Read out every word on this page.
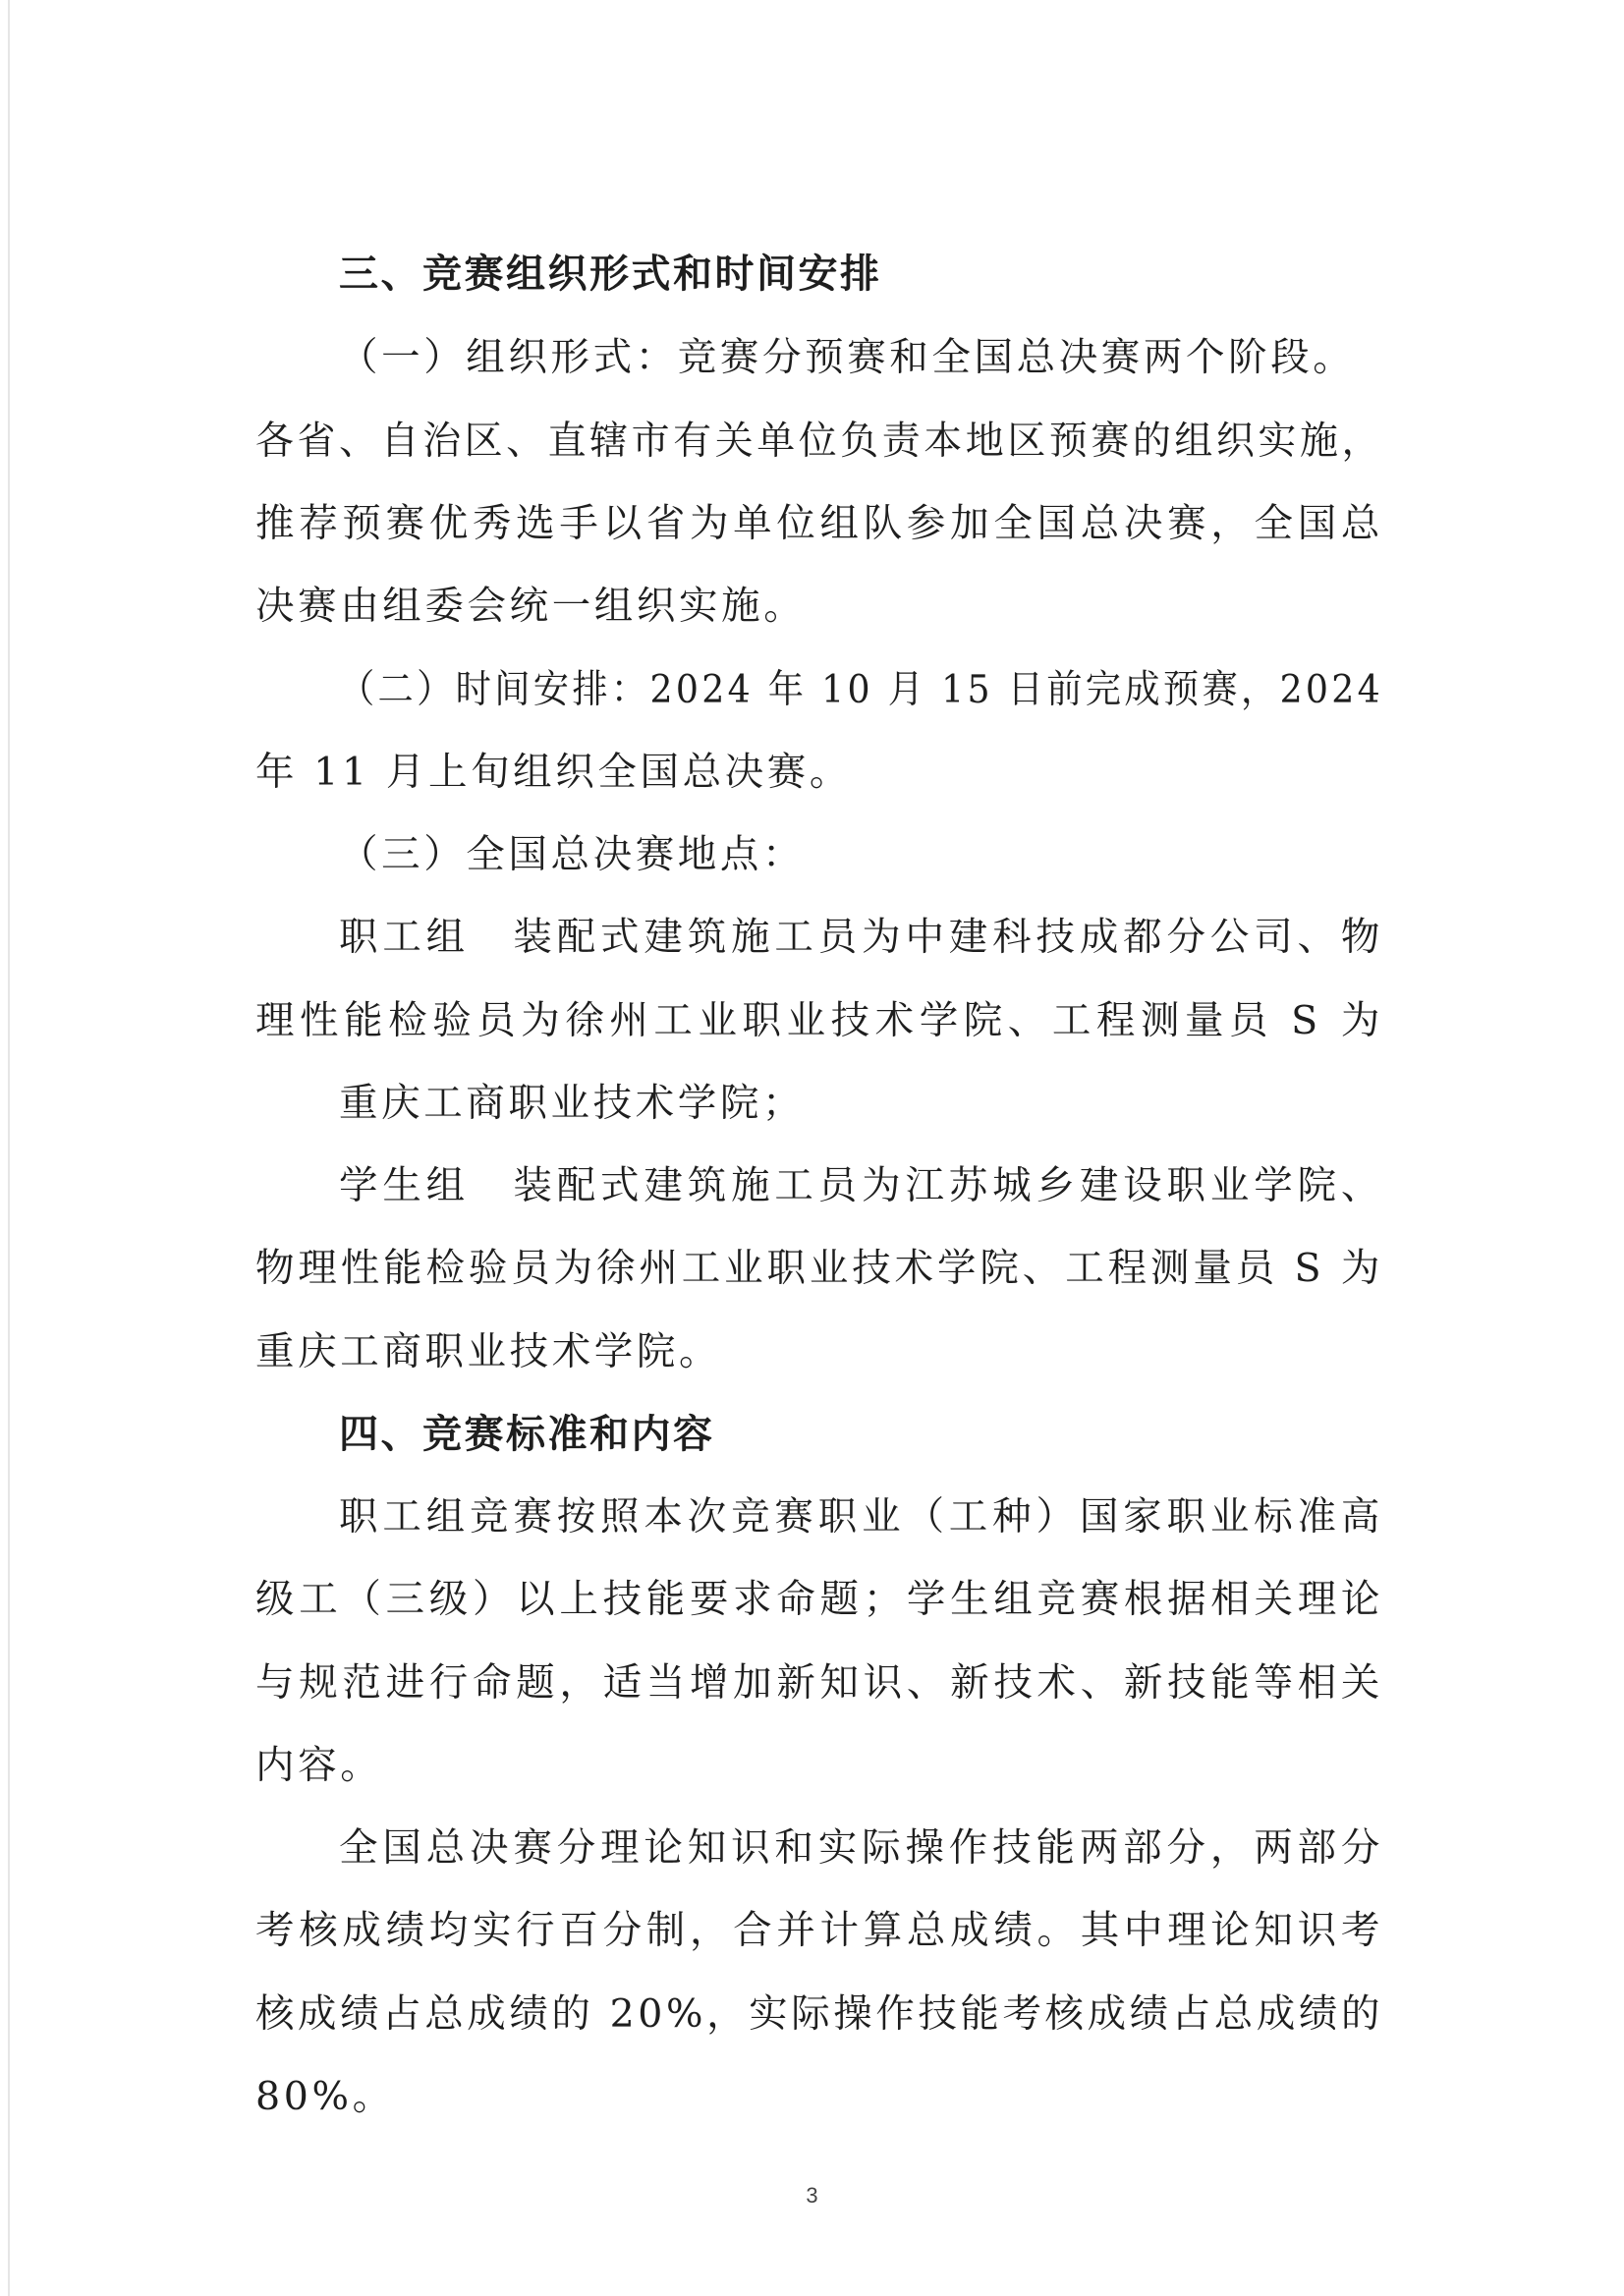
三、竞赛组织形式和时间安排
（一）组织形式：竞赛分预赛和全国总决赛两个阶段。
各省、自治区、直辖市有关单位负责本地区预赛的组织实施，
推荐预赛优秀选手以省为单位组队参加全国总决赛，全国总
决赛由组委会统一组织实施。
（二）时间安排：2024 年 10 月 15 日前完成预赛，2024
年 11 月上旬组织全国总决赛。
（三）全国总决赛地点：
职工组　装配式建筑施工员为中建科技成都分公司、物
理性能检验员为徐州工业职业技术学院、工程测量员 S 为
重庆工商职业技术学院；
学生组　装配式建筑施工员为江苏城乡建设职业学院、
物理性能检验员为徐州工业职业技术学院、工程测量员 S 为
重庆工商职业技术学院。
四、竞赛标准和内容
职工组竞赛按照本次竞赛职业（工种）国家职业标准高
级工（三级）以上技能要求命题；学生组竞赛根据相关理论
与规范进行命题，适当增加新知识、新技术、新技能等相关
内容。
全国总决赛分理论知识和实际操作技能两部分，两部分
考核成绩均实行百分制，合并计算总成绩。其中理论知识考
核成绩占总成绩的 20%，实际操作技能考核成绩占总成绩的
80%。
3
